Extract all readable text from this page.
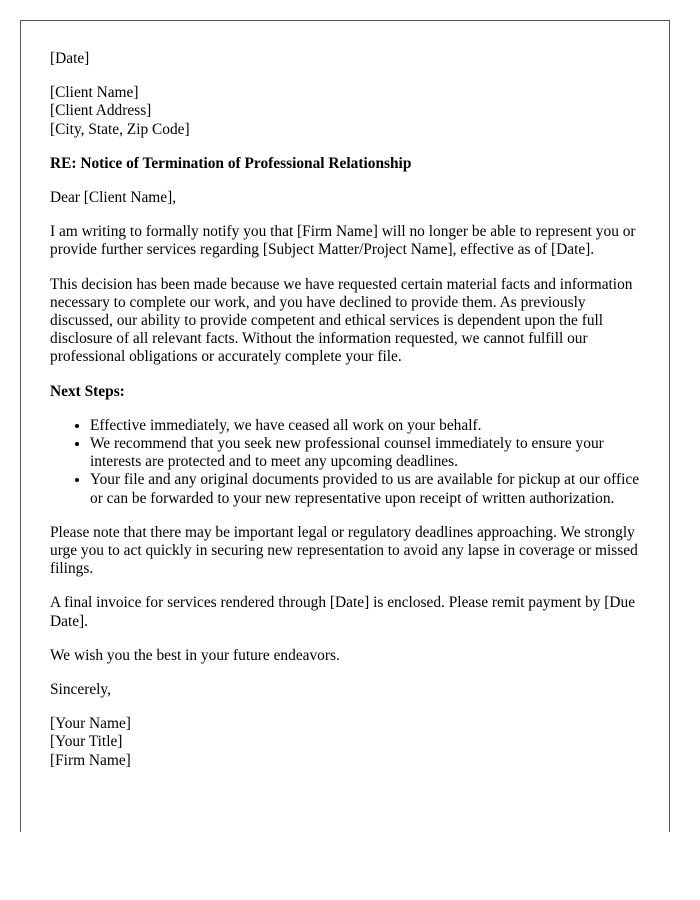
[Date]

[Client Name]
[Client Address]
[City, State, Zip Code]

RE: Notice of Termination of Professional Relationship

Dear [Client Name],

I am writing to formally notify you that [Firm Name] will no longer be able to represent you or provide further services regarding [Subject Matter/Project Name], effective as of [Date].

This decision has been made because we have requested certain material facts and information necessary to complete our work, and you have declined to provide them. As previously discussed, our ability to provide competent and ethical services is dependent upon the full disclosure of all relevant facts. Without the information requested, we cannot fulfill our professional obligations or accurately complete your file.

Next Steps:

• Effective immediately, we have ceased all work on your behalf.
• We recommend that you seek new professional counsel immediately to ensure your interests are protected and to meet any upcoming deadlines.
• Your file and any original documents provided to us are available for pickup at our office or can be forwarded to your new representative upon receipt of written authorization.

Please note that there may be important legal or regulatory deadlines approaching. We strongly urge you to act quickly in securing new representation to avoid any lapse in coverage or missed filings.

A final invoice for services rendered through [Date] is enclosed. Please remit payment by [Due Date].

We wish you the best in your future endeavors.

Sincerely,

[Your Name]
[Your Title]
[Firm Name]
